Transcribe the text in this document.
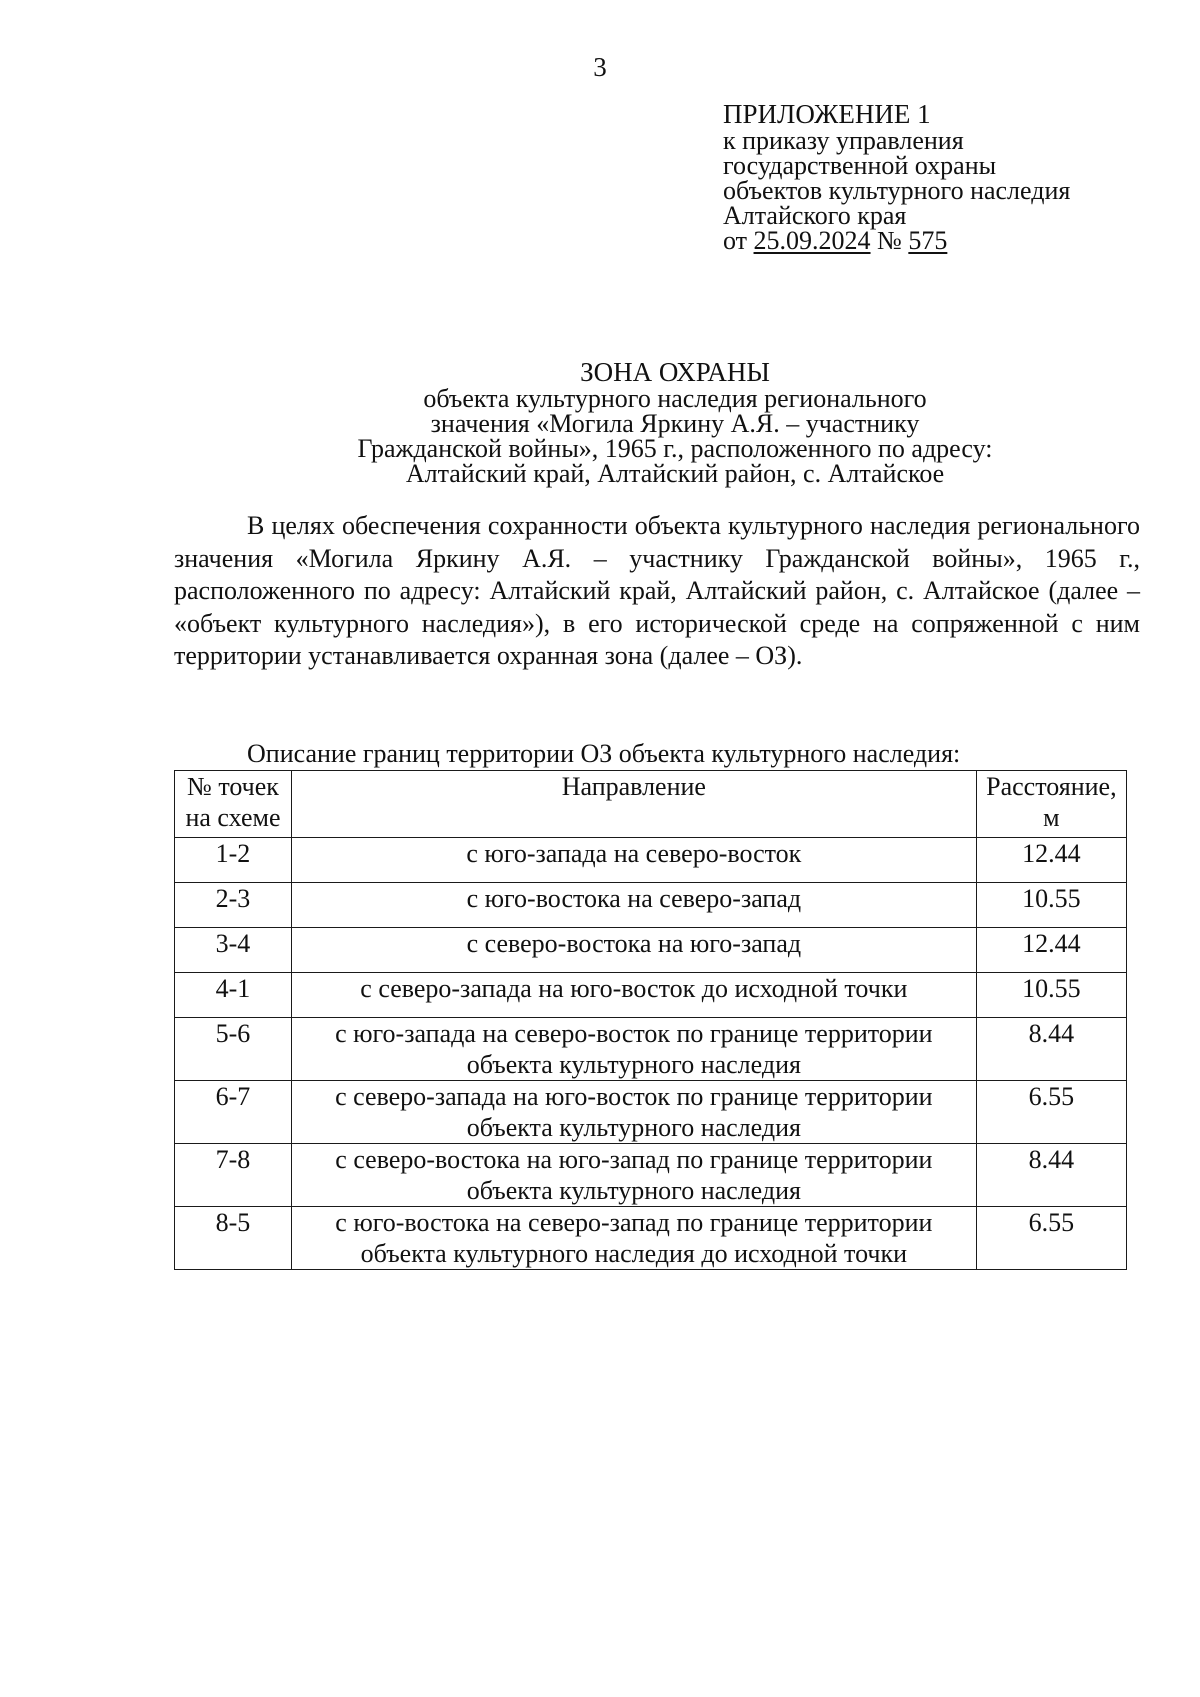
3
ПРИЛОЖЕНИЕ 1
к приказу управления
государственной охраны
объектов культурного наследия
Алтайского края
от 25.09.2024 № 575
ЗОНА ОХРАНЫ
объекта культурного наследия регионального
значения «Могила Яркину А.Я. – участнику
Гражданской войны», 1965 г., расположенного по адресу:
Алтайский край, Алтайский район, с. Алтайское

В целях обеспечения сохранности объекта культурного наследия регионального значения «Могила Яркину А.Я. – участнику Гражданской войны», 1965 г., расположенного по адресу: Алтайский край, Алтайский район, с. Алтайское (далее – «объект культурного наследия»), в его исторической среде на сопряженной с ним территории устанавливается охранная зона (далее – ОЗ).

Описание границ территории ОЗ объекта культурного наследия:
№ точек на схеме	Направление	Расстояние, м
1-2	с юго-запада на северо-восток	12.44
2-3	с юго-востока на северо-запад	10.55
3-4	с северо-востока на юго-запад	12.44
4-1	с северо-запада на юго-восток до исходной точки	10.55
5-6	с юго-запада на северо-восток по границе территории объекта культурного наследия	8.44
6-7	с северо-запада на юго-восток по границе территории объекта культурного наследия	6.55
7-8	с северо-востока на юго-запад по границе территории объекта культурного наследия	8.44
8-5	с юго-востока на северо-запад по границе территории объекта культурного наследия до исходной точки	6.55
